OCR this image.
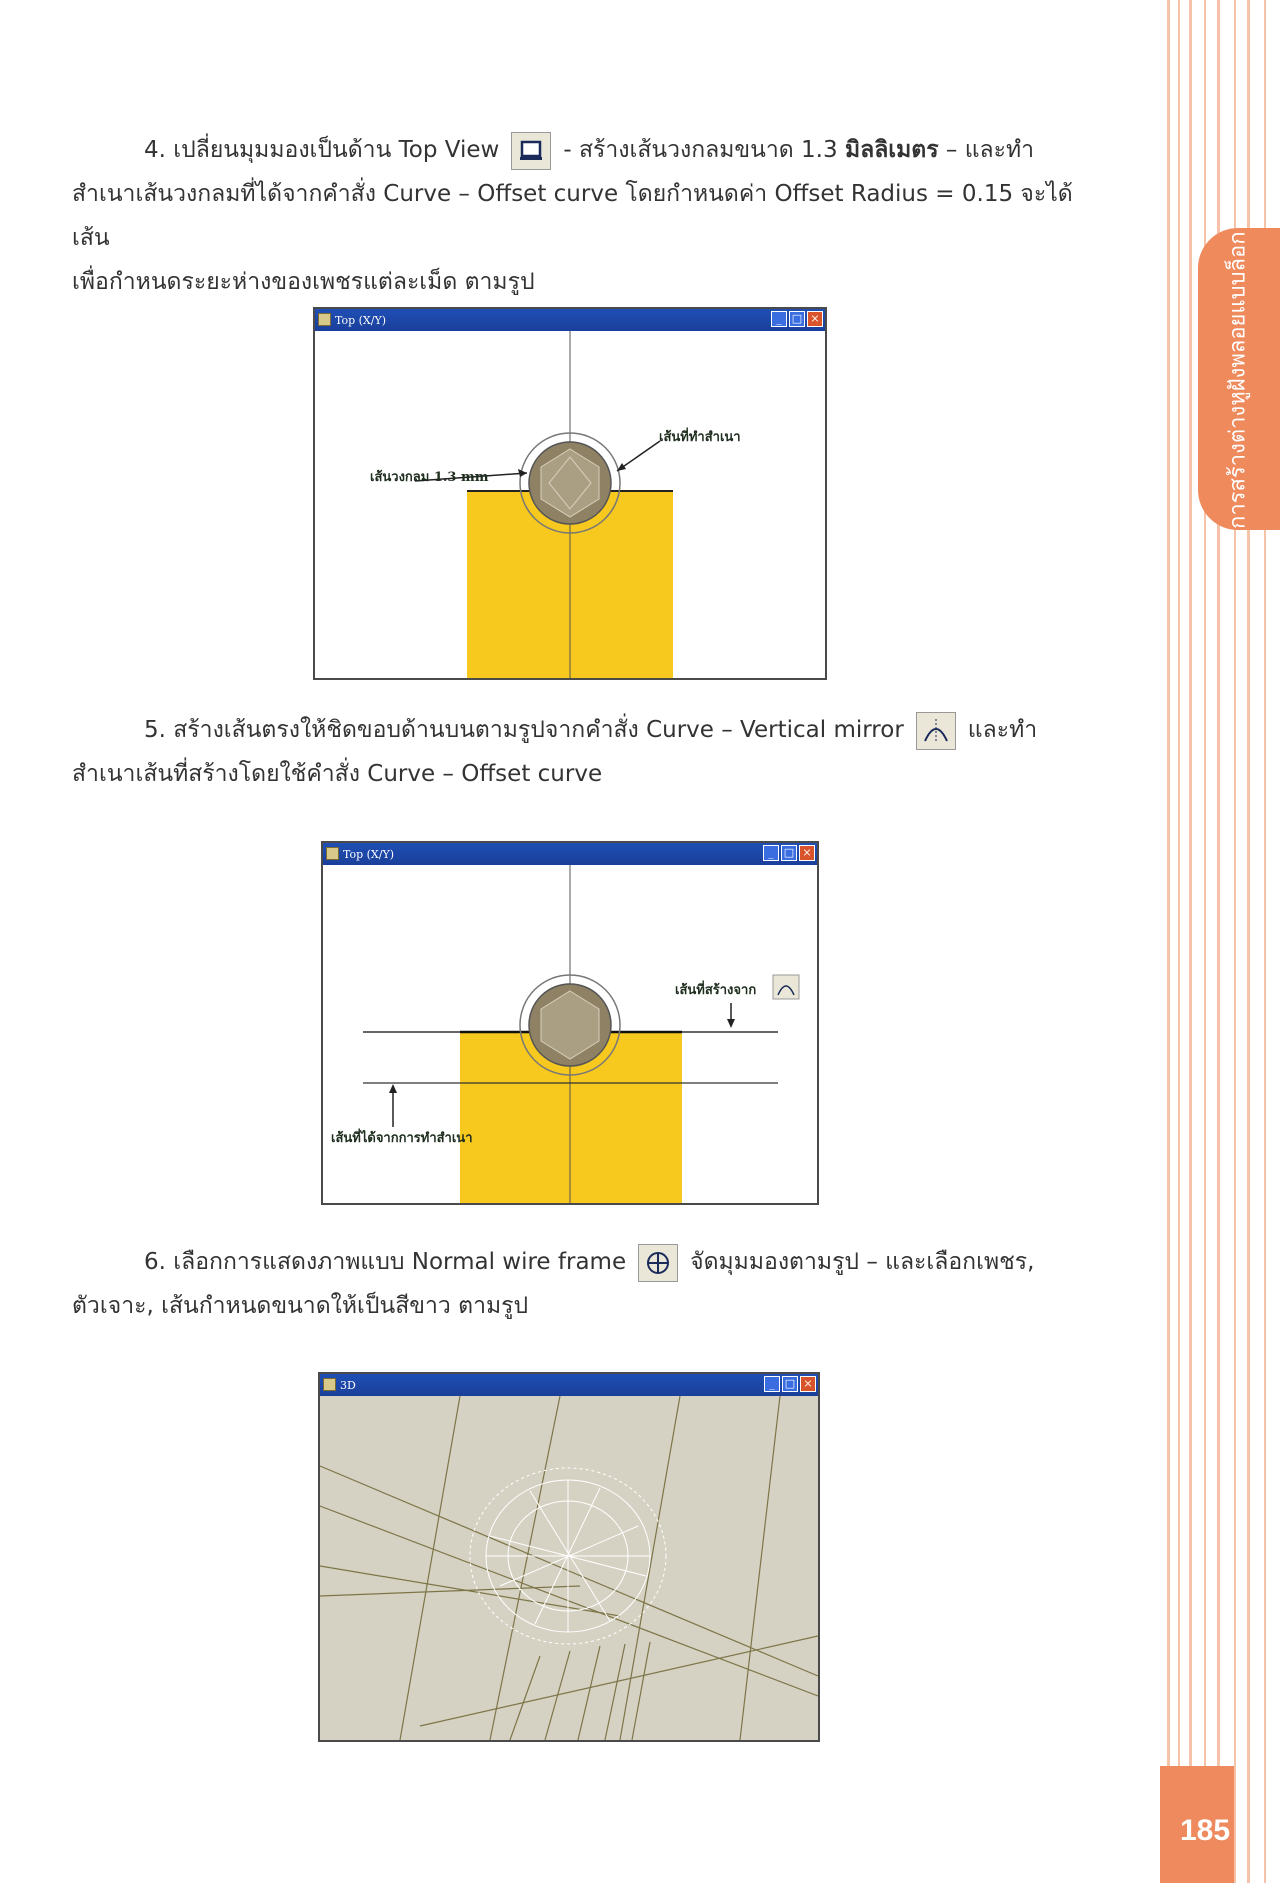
การสร้างต่างหูฝังพลอยแบบล็อก
185

4. เปลี่ยนมุมมองเป็นด้าน Top View	- สร้างเส้นวงกลมขนาด 1.3 มิลลิเมตร – และทำ

สำเนาเส้นวงกลมที่ได้จากคำสั่ง Curve – Offset curve โดยกำหนดค่า Offset Radius = 0.15 จะได้เส้น

เพื่อกำหนดระยะห่างของเพชรแต่ละเม็ด ตามรูป

Top (X/Y)	_ □ ×
เส้นวงกลม 1.3 mm
เส้นที่ทำสำเนา

5. สร้างเส้นตรงให้ชิดขอบด้านบนตามรูปจากคำสั่ง Curve – Vertical mirror	และทำ

สำเนาเส้นที่สร้างโดยใช้คำสั่ง Curve – Offset curve

Top (X/Y)	_ □ ×
เส้นที่สร้างจาก
เส้นที่ได้จากการทำสำเนา

6. เลือกการแสดงภาพแบบ Normal wire frame	จัดมุมมองตามรูป – และเลือกเพชร,

ตัวเจาะ, เส้นกำหนดขนาดให้เป็นสีขาว ตามรูป

3D	_ □ ×
